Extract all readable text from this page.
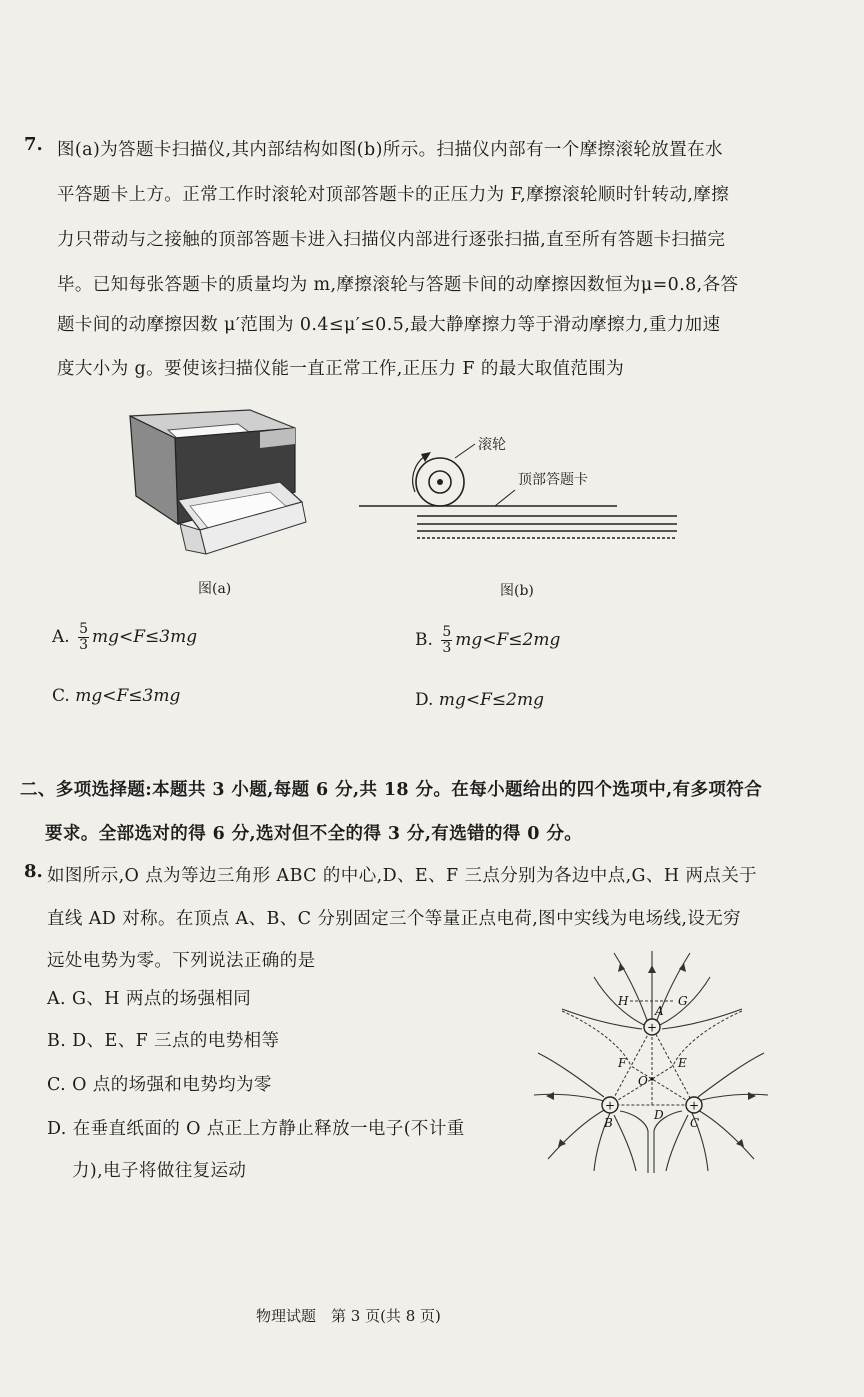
7. 图(a)为答题卡扫描仪,其内部结构如图(b)所示。扫描仪内部有一个摩擦滚轮放置在水
平答题卡上方。正常工作时滚轮对顶部答题卡的正压力为 F,摩擦滚轮顺时针转动,摩擦
力只带动与之接触的顶部答题卡进入扫描仪内部进行逐张扫描,直至所有答题卡扫描完
毕。已知每张答题卡的质量均为 m,摩擦滚轮与答题卡间的动摩擦因数恒为μ=0.8,各答
题卡间的动摩擦因数 μ′范围为 0.4≤μ′≤0.5,最大静摩擦力等于滑动摩擦力,重力加速
度大小为 g。要使该扫描仪能一直正常工作,正压力 F 的最大取值范围为
图(a)
滚轮
顶部答题卡
图(b)
A. $\frac{5}{3} mg<F\le 3mg$	B. $\frac{5}{3} mg<F\le 2mg$
C. mg<F≤3mg	D. mg<F≤2mg
二、多项选择题:本题共 3 小题,每题 6 分,共 18 分。在每小题给出的四个选项中,有多项符合
要求。全部选对的得 6 分,选对但不全的得 3 分,有选错的得 0 分。
8. 如图所示,O 点为等边三角形 ABC 的中心,D、E、F 三点分别为各边中点,G、H 两点关于
直线 AD 对称。在顶点 A、B、C 分别固定三个等量正点电荷,图中实线为电场线,设无穷
远处电势为零。下列说法正确的是
A. G、H 两点的场强相同
B. D、E、F 三点的电势相等
C. O 点的场强和电势均为零
D. 在垂直纸面的 O 点正上方静止释放一电子(不计重
力),电子将做往复运动
+
+	+
A
B	C
D
E
F
G
H
O
物理试题　第 3 页(共 8 页)
